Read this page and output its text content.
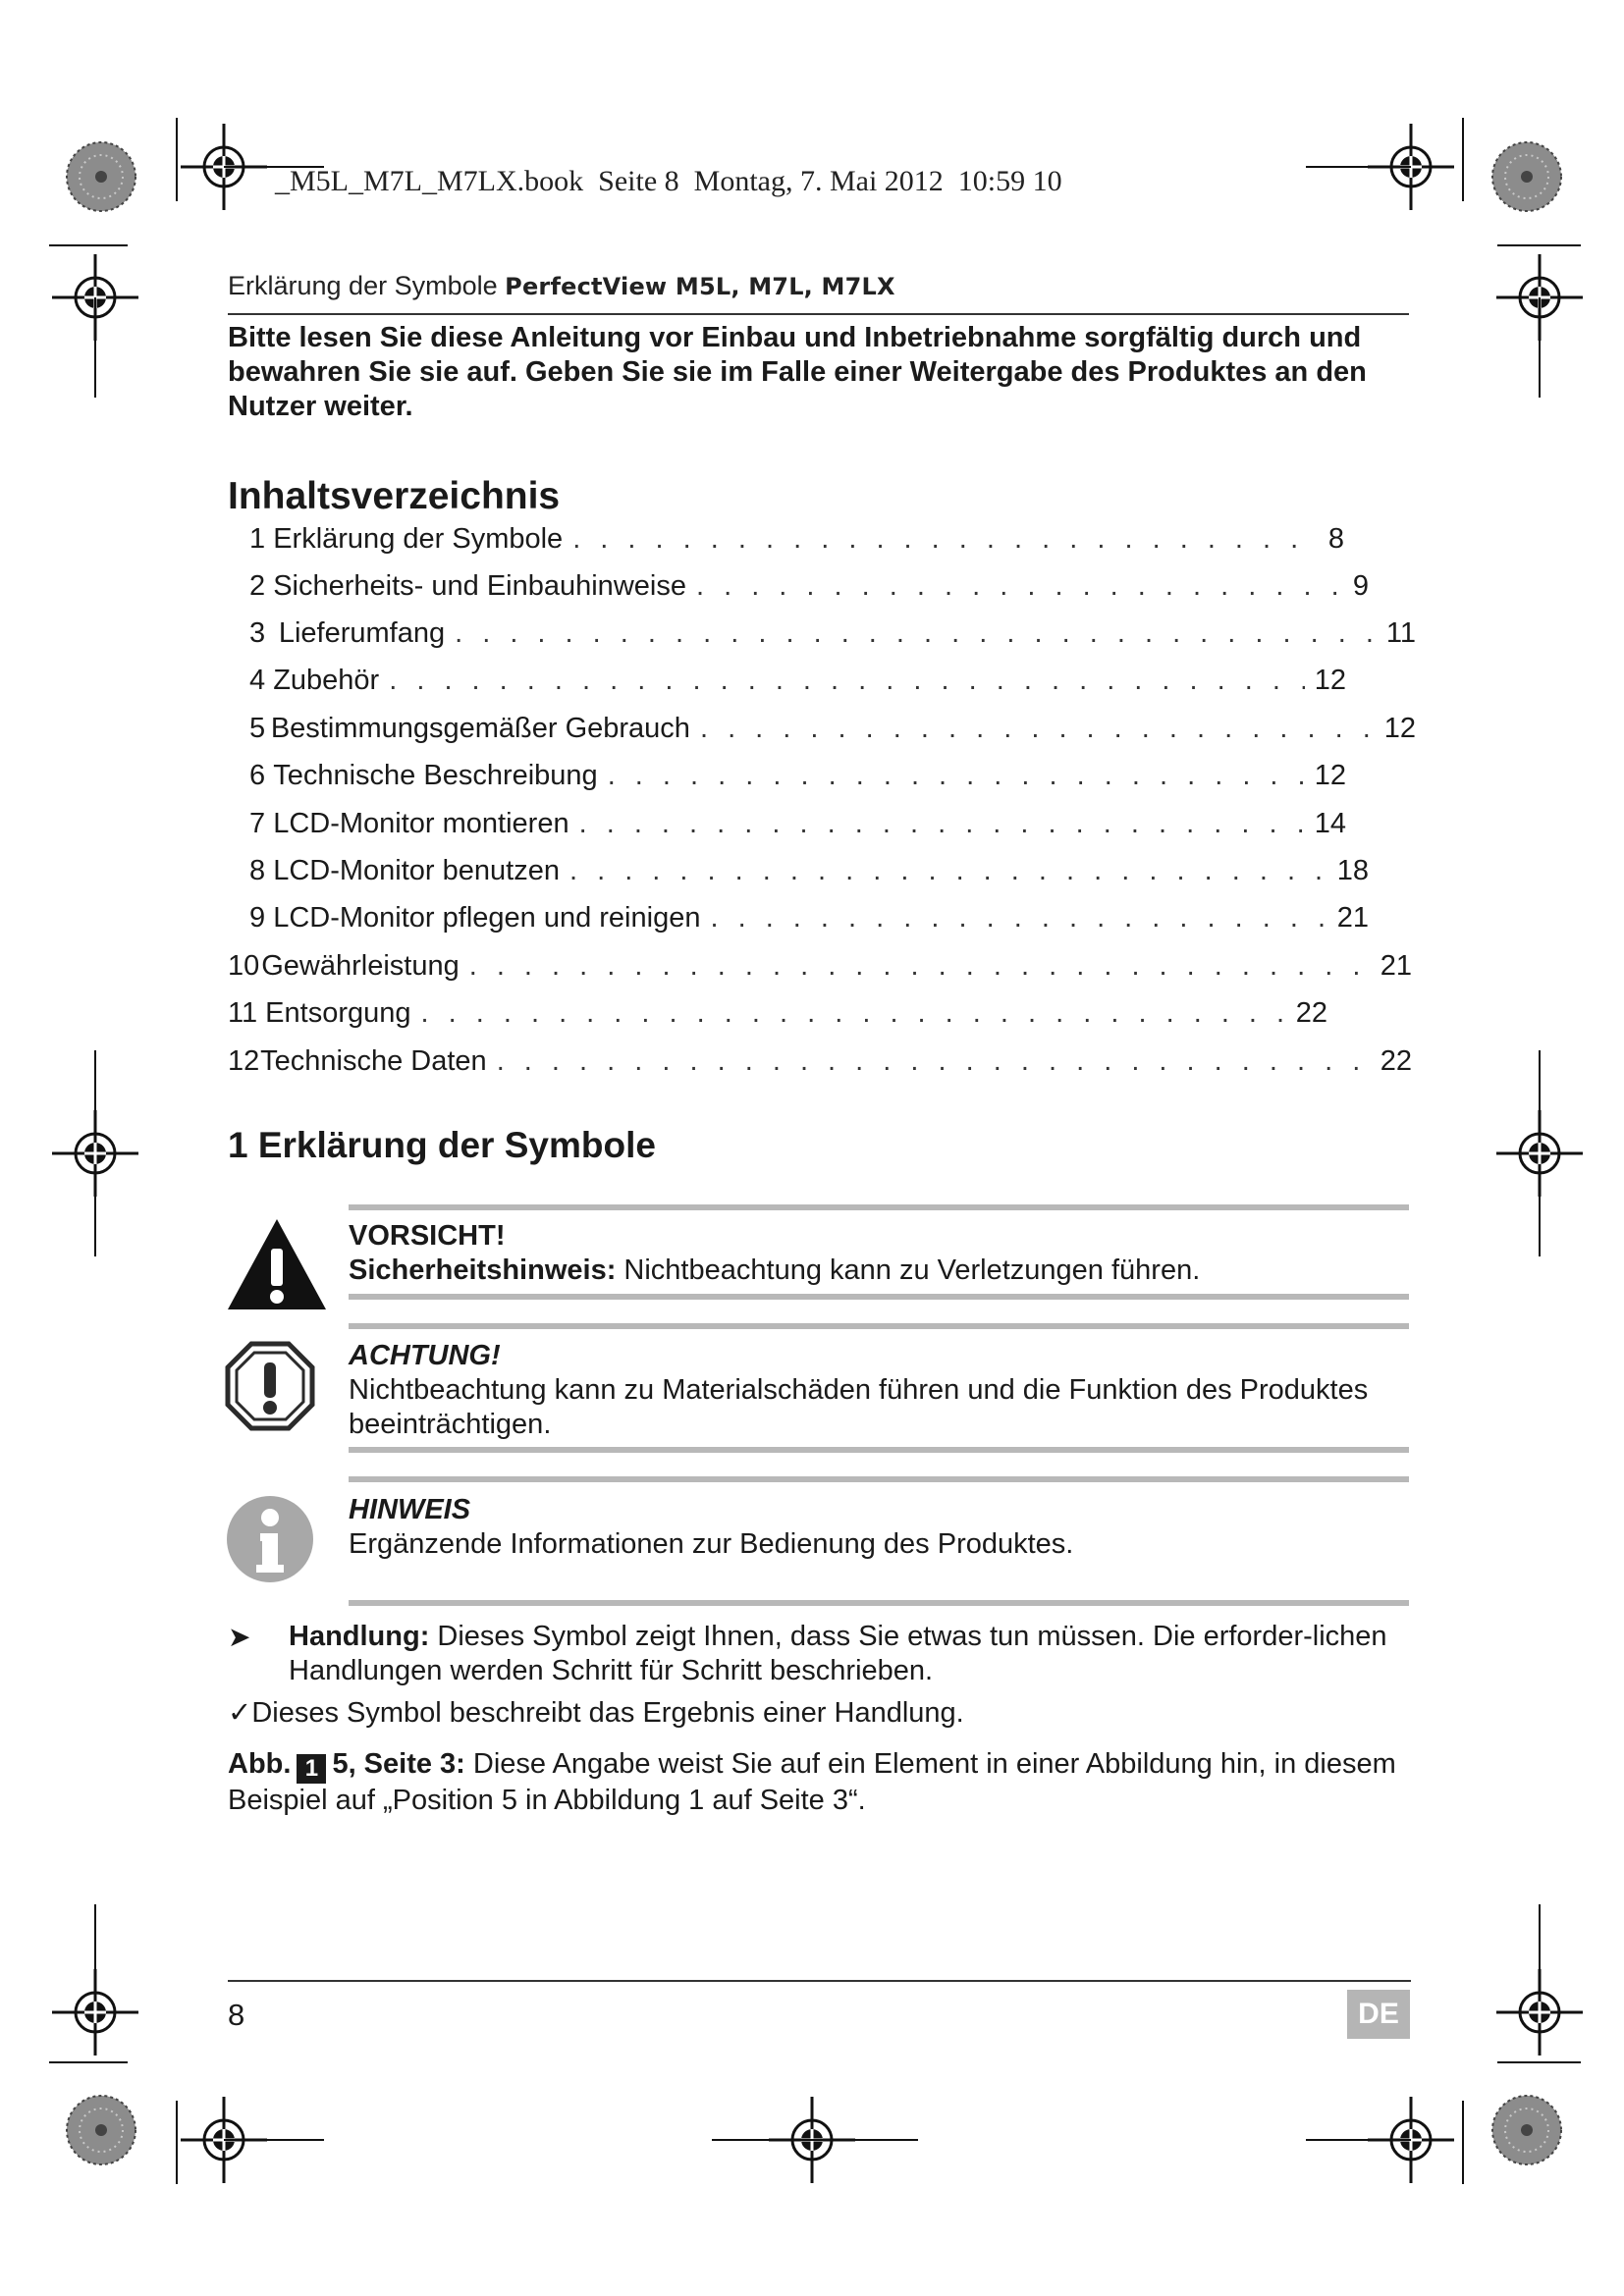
_M5L_M7L_M7LX.book  Seite 8  Montag, 7. Mai 2012  10:59 10
Erklärung der Symbole PerfectView M5L, M7L, M7LX
Bitte lesen Sie diese Anleitung vor Einbau und Inbetriebnahme sorgfältig durch und bewahren Sie sie auf. Geben Sie sie im Falle einer Weitergabe des Produktes an den Nutzer weiter.
Inhaltsverzeichnis
1
Erklärung der Symbole . . .	8
2
Sicherheits- und Einbauhinweise . . .	9
3 Lieferumfang . . .	11
4
Zubehör . . .	12
5 Bestimmungsgemäßer Gebrauch . . .	12
6
Technische Beschreibung . . .	12
7
LCD-Monitor montieren . . .	14
8
LCD-Monitor benutzen . . .	18
9
LCD-Monitor pflegen und reinigen . . .	21
10 Gewährleistung . . .	21
11
Entsorgung . . .	22
12 Technische Daten . . .	22
1 Erklärung der Symbole
VORSICHT!
Sicherheitshinweis: Nichtbeachtung kann zu Verletzungen führen.
ACHTUNG!
Nichtbeachtung kann zu Materialschäden führen und die Funktion des Produktes beeinträchtigen.
HINWEIS
Ergänzende Informationen zur Bedienung des Produktes.
➤ Handlung: Dieses Symbol zeigt Ihnen, dass Sie etwas tun müssen. Die erforder-lichen Handlungen werden Schritt für Schritt beschrieben.
✓Dieses Symbol beschreibt das Ergebnis einer Handlung.
Abb. 1 5, Seite 3: Diese Angabe weist Sie auf ein Element in einer Abbildung hin, in diesem Beispiel auf „Position 5 in Abbildung 1 auf Seite 3“.
8	DE
